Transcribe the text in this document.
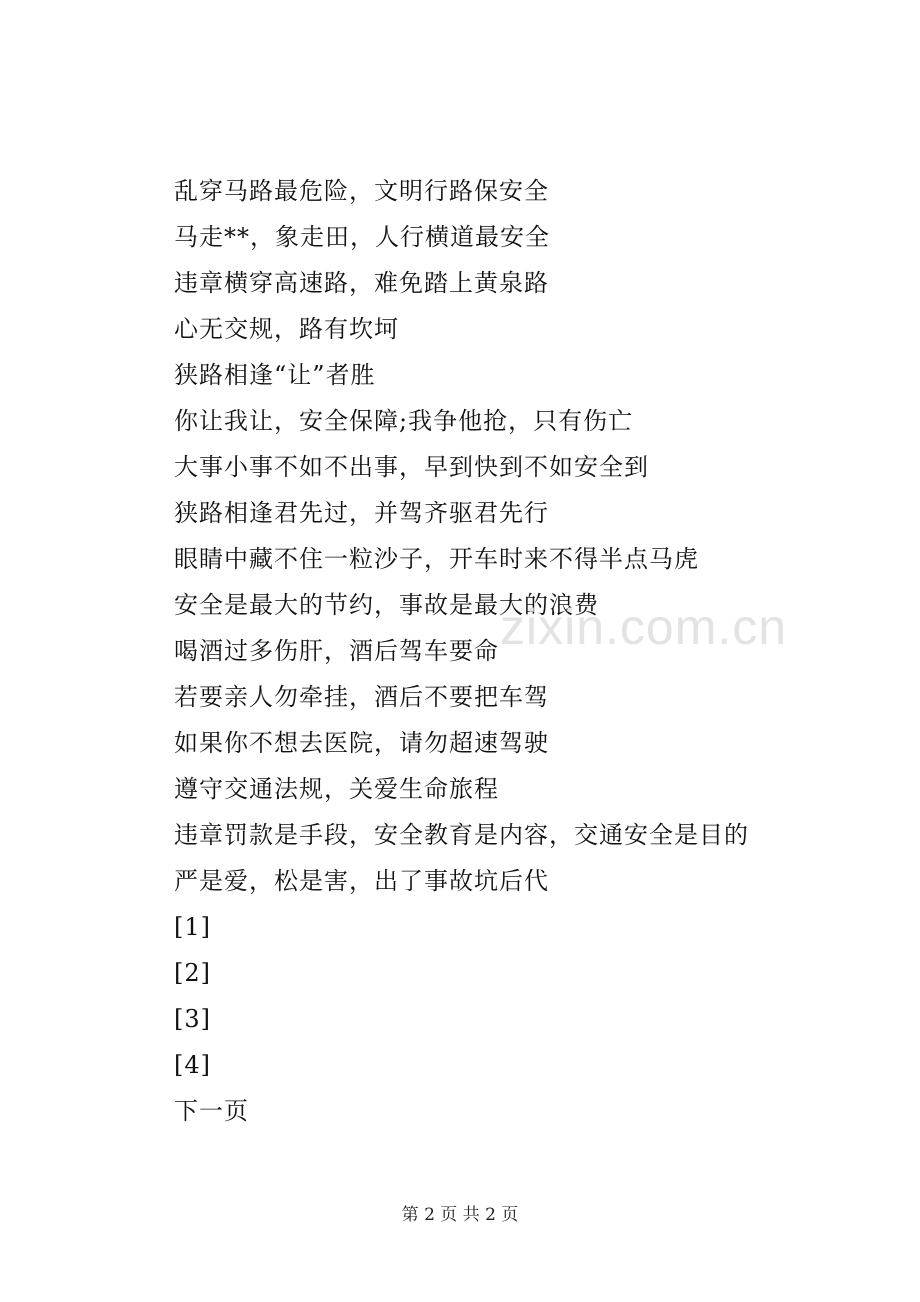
乱穿马路最危险，文明行路保安全
马走**，象走田，人行横道最安全
违章横穿高速路，难免踏上黄泉路
心无交规，路有坎坷
狭路相逢“让”者胜
你让我让，安全保障;我争他抢，只有伤亡
大事小事不如不出事，早到快到不如安全到
狭路相逢君先过，并驾齐驱君先行
眼睛中藏不住一粒沙子，开车时来不得半点马虎
安全是最大的节约，事故是最大的浪费
喝酒过多伤肝，酒后驾车要命
若要亲人勿牵挂，酒后不要把车驾
如果你不想去医院，请勿超速驾驶
遵守交通法规，关爱生命旅程
违章罚款是手段，安全教育是内容，交通安全是目的
严是爱，松是害，出了事故坑后代
[1]
[2]
[3]
[4]
下一页
zixin.com.cn
第 2 页 共 2 页
